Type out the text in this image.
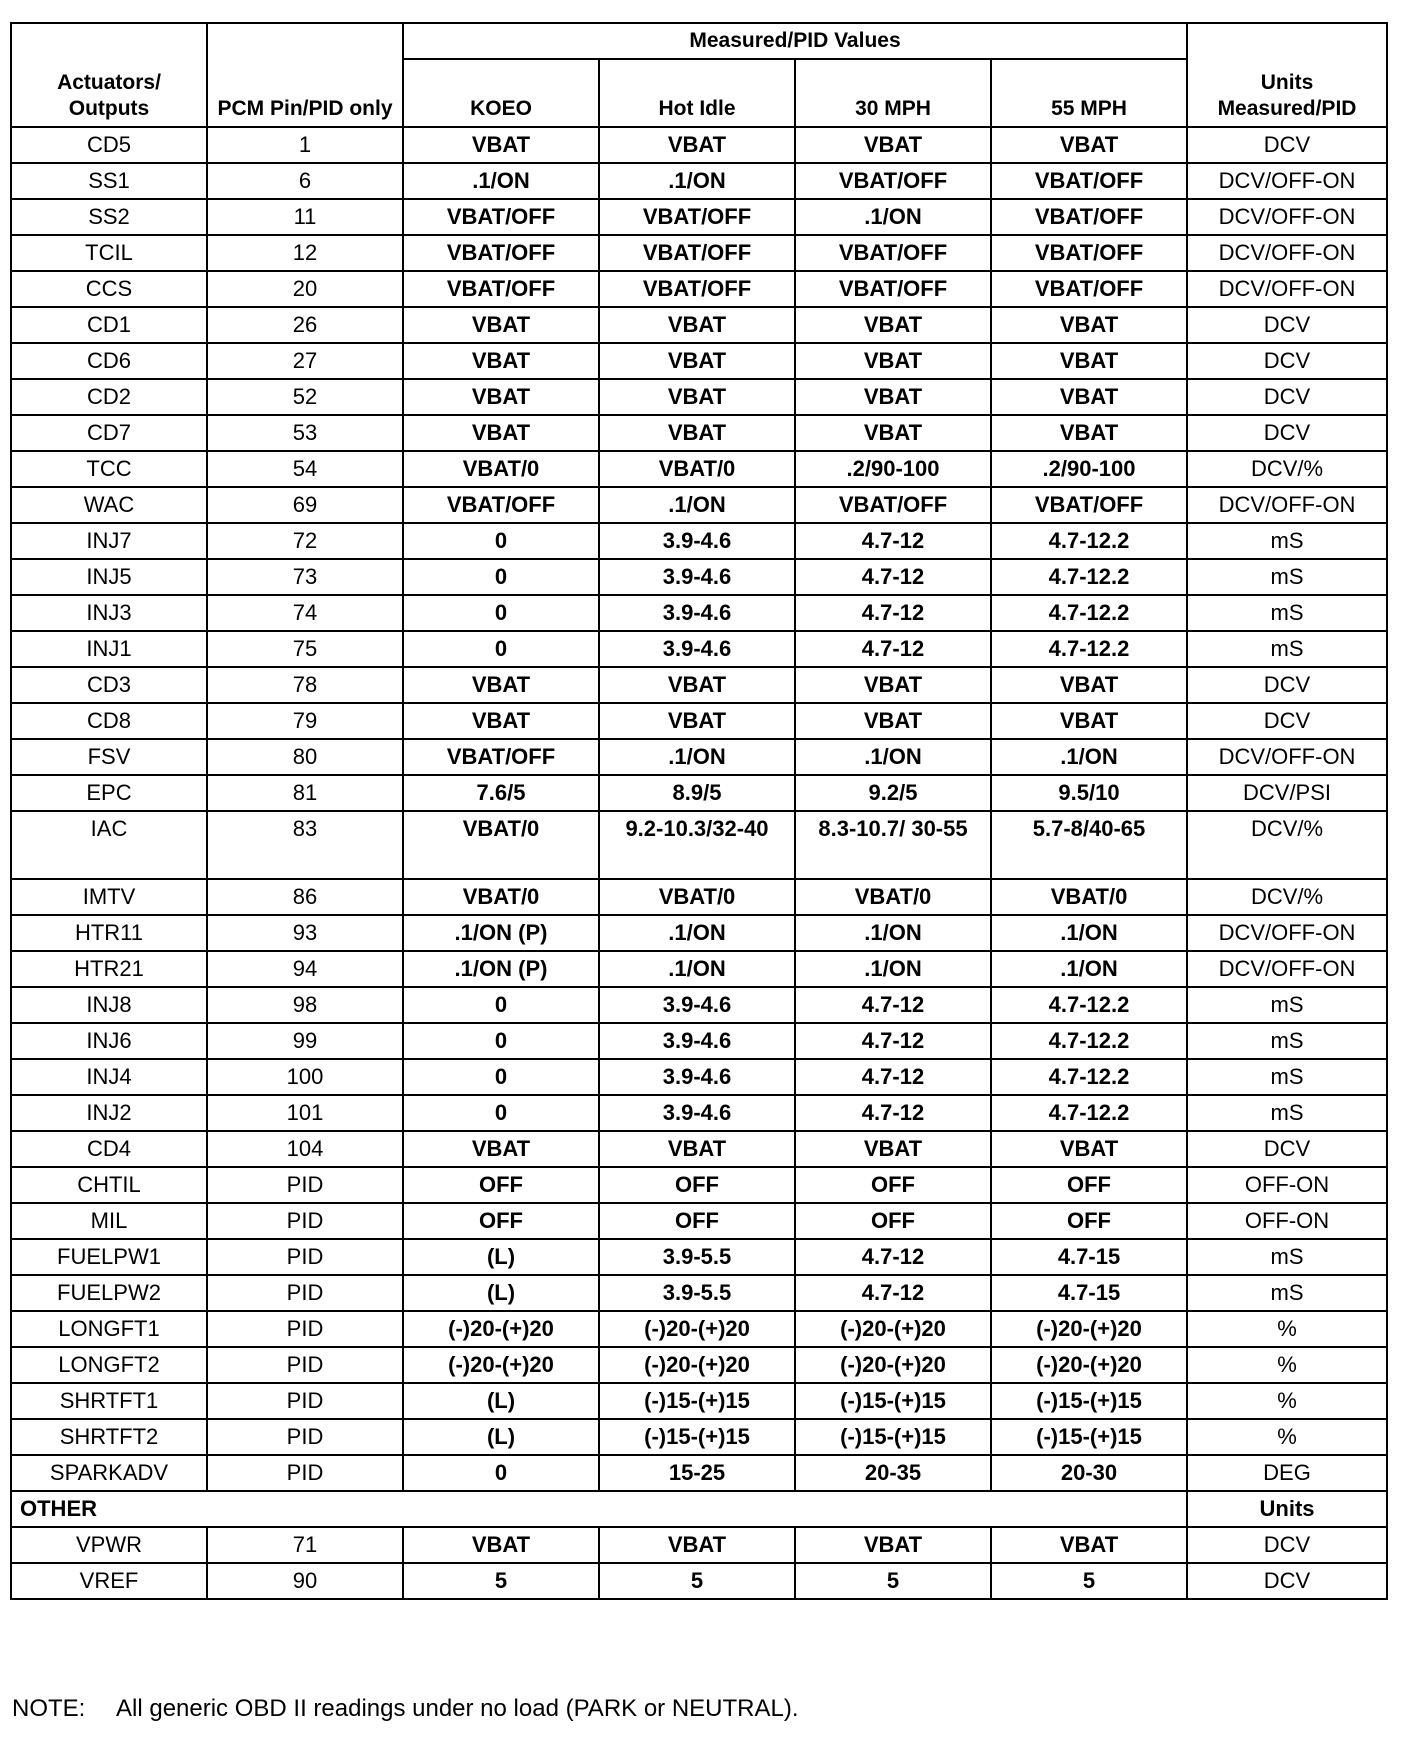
Actuators/ Outputs	PCM Pin/PID only	Measured/PID Values				Units Measured/PID
		KOEO	Hot Idle	30 MPH	55 MPH	
CD5	1	VBAT	VBAT	VBAT	VBAT	DCV
SS1	6	.1/ON	.1/ON	VBAT/OFF	VBAT/OFF	DCV/OFF-ON
SS2	11	VBAT/OFF	VBAT/OFF	.1/ON	VBAT/OFF	DCV/OFF-ON
TCIL	12	VBAT/OFF	VBAT/OFF	VBAT/OFF	VBAT/OFF	DCV/OFF-ON
CCS	20	VBAT/OFF	VBAT/OFF	VBAT/OFF	VBAT/OFF	DCV/OFF-ON
CD1	26	VBAT	VBAT	VBAT	VBAT	DCV
CD6	27	VBAT	VBAT	VBAT	VBAT	DCV
CD2	52	VBAT	VBAT	VBAT	VBAT	DCV
CD7	53	VBAT	VBAT	VBAT	VBAT	DCV
TCC	54	VBAT/0	VBAT/0	.2/90-100	.2/90-100	DCV/%
WAC	69	VBAT/OFF	.1/ON	VBAT/OFF	VBAT/OFF	DCV/OFF-ON
INJ7	72	0	3.9-4.6	4.7-12	4.7-12.2	mS
INJ5	73	0	3.9-4.6	4.7-12	4.7-12.2	mS
INJ3	74	0	3.9-4.6	4.7-12	4.7-12.2	mS
INJ1	75	0	3.9-4.6	4.7-12	4.7-12.2	mS
CD3	78	VBAT	VBAT	VBAT	VBAT	DCV
CD8	79	VBAT	VBAT	VBAT	VBAT	DCV
FSV	80	VBAT/OFF	.1/ON	.1/ON	.1/ON	DCV/OFF-ON
EPC	81	7.6/5	8.9/5	9.2/5	9.5/10	DCV/PSI
IAC	83	VBAT/0	9.2-10.3/32-40	8.3-10.7/ 30-55	5.7-8/40-65	DCV/%
IMTV	86	VBAT/0	VBAT/0	VBAT/0	VBAT/0	DCV/%
HTR11	93	.1/ON (P)	.1/ON	.1/ON	.1/ON	DCV/OFF-ON
HTR21	94	.1/ON (P)	.1/ON	.1/ON	.1/ON	DCV/OFF-ON
INJ8	98	0	3.9-4.6	4.7-12	4.7-12.2	mS
INJ6	99	0	3.9-4.6	4.7-12	4.7-12.2	mS
INJ4	100	0	3.9-4.6	4.7-12	4.7-12.2	mS
INJ2	101	0	3.9-4.6	4.7-12	4.7-12.2	mS
CD4	104	VBAT	VBAT	VBAT	VBAT	DCV
CHTIL	PID	OFF	OFF	OFF	OFF	OFF-ON
MIL	PID	OFF	OFF	OFF	OFF	OFF-ON
FUELPW1	PID	(L)	3.9-5.5	4.7-12	4.7-15	mS
FUELPW2	PID	(L)	3.9-5.5	4.7-12	4.7-15	mS
LONGFT1	PID	(-)20-(+)20	(-)20-(+)20	(-)20-(+)20	(-)20-(+)20	%
LONGFT2	PID	(-)20-(+)20	(-)20-(+)20	(-)20-(+)20	(-)20-(+)20	%
SHRTFT1	PID	(L)	(-)15-(+)15	(-)15-(+)15	(-)15-(+)15	%
SHRTFT2	PID	(L)	(-)15-(+)15	(-)15-(+)15	(-)15-(+)15	%
SPARKADV	PID	0	15-25	20-35	20-30	DEG
OTHER						Units
VPWR	71	VBAT	VBAT	VBAT	VBAT	DCV
VREF	90	5	5	5	5	DCV
NOTE: All generic OBD II readings under no load (PARK or NEUTRAL).
